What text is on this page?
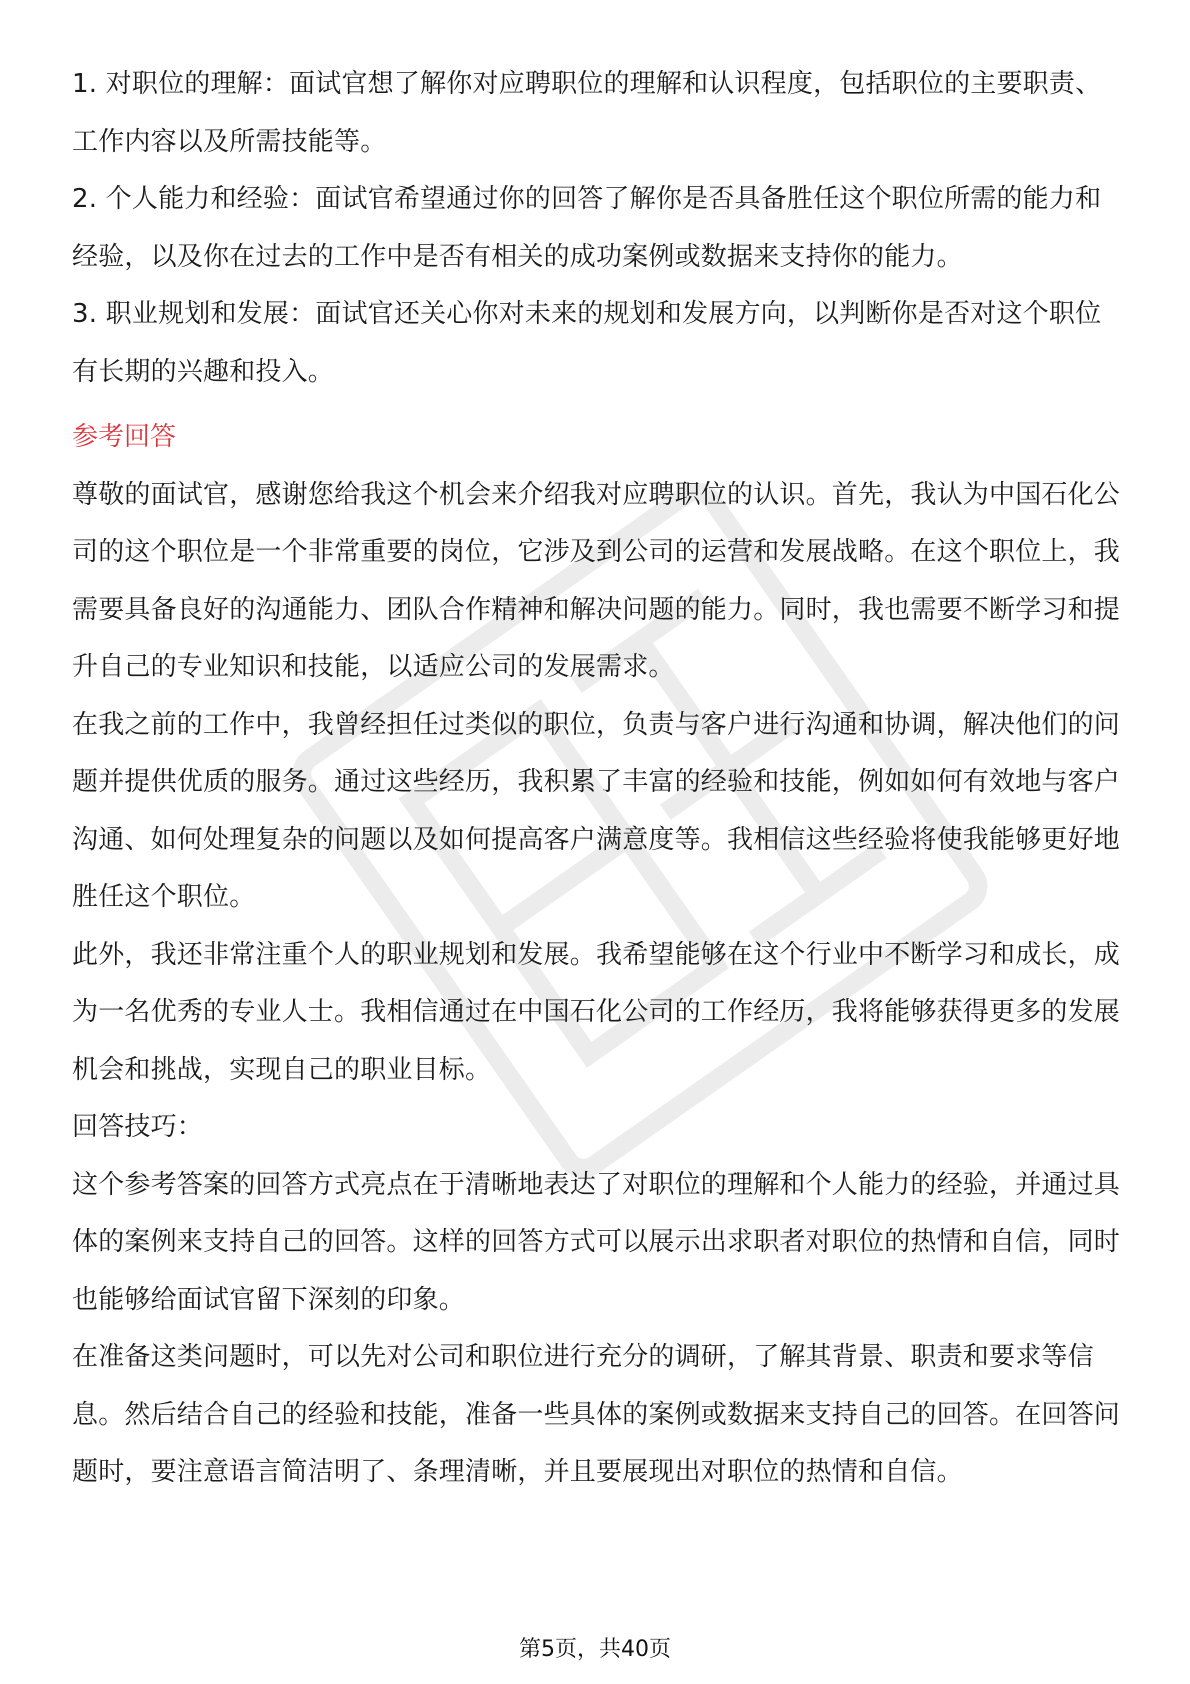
1. 对职位的理解：面试官想了解你对应聘职位的理解和认识程度，包括职位的主要职责、工作内容以及所需技能等。

2. 个人能力和经验：面试官希望通过你的回答了解你是否具备胜任这个职位所需的能力和经验，以及你在过去的工作中是否有相关的成功案例或数据来支持你的能力。

3. 职业规划和发展：面试官还关心你对未来的规划和发展方向，以判断你是否对这个职位有长期的兴趣和投入。

参考回答

尊敬的面试官，感谢您给我这个机会来介绍我对应聘职位的认识。首先，我认为中国石化公司的这个职位是一个非常重要的岗位，它涉及到公司的运营和发展战略。在这个职位上，我需要具备良好的沟通能力、团队合作精神和解决问题的能力。同时，我也需要不断学习和提升自己的专业知识和技能，以适应公司的发展需求。

在我之前的工作中，我曾经担任过类似的职位，负责与客户进行沟通和协调，解决他们的问题并提供优质的服务。通过这些经历，我积累了丰富的经验和技能，例如如何有效地与客户沟通、如何处理复杂的问题以及如何提高客户满意度等。我相信这些经验将使我能够更好地胜任这个职位。

此外，我还非常注重个人的职业规划和发展。我希望能够在这个行业中不断学习和成长，成为一名优秀的专业人士。我相信通过在中国石化公司的工作经历，我将能够获得更多的发展机会和挑战，实现自己的职业目标。

回答技巧：

这个参考答案的回答方式亮点在于清晰地表达了对职位的理解和个人能力的经验，并通过具体的案例来支持自己的回答。这样的回答方式可以展示出求职者对职位的热情和自信，同时也能够给面试官留下深刻的印象。

在准备这类问题时，可以先对公司和职位进行充分的调研，了解其背景、职责和要求等信息。然后结合自己的经验和技能，准备一些具体的案例或数据来支持自己的回答。在回答问题时，要注意语言简洁明了、条理清晰，并且要展现出对职位的热情和自信。

第5页，共40页
